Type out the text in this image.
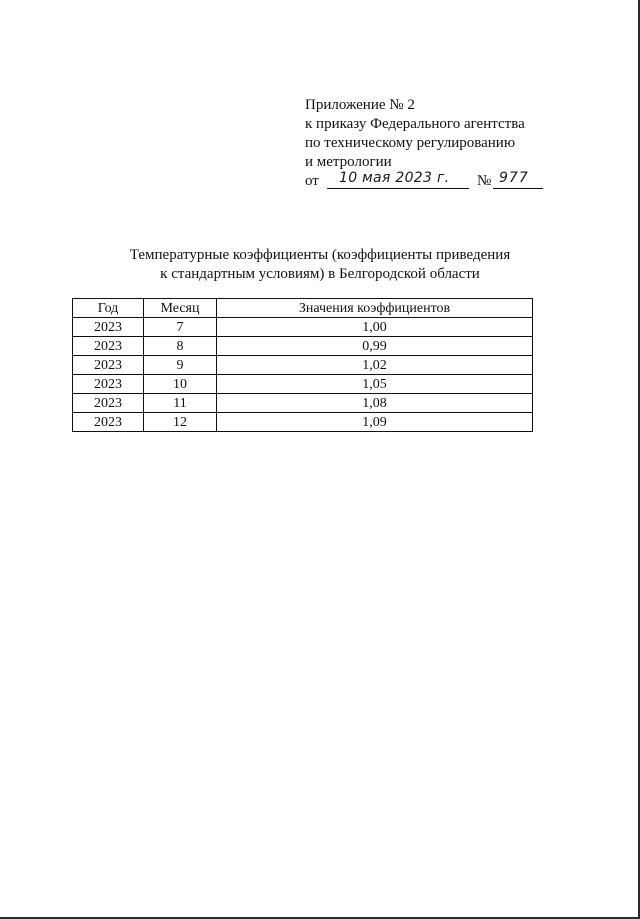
Приложение № 2
к приказу Федерального агентства
по техническому регулированию
и метрологии
от 10 мая 2023 г. № 977
Температурные коэффициенты (коэффициенты приведения
к стандартным условиям) в Белгородской области
Год	Месяц	Значения коэффициентов
2023	7	1,00
2023	8	0,99
2023	9	1,02
2023	10	1,05
2023	11	1,08
2023	12	1,09
